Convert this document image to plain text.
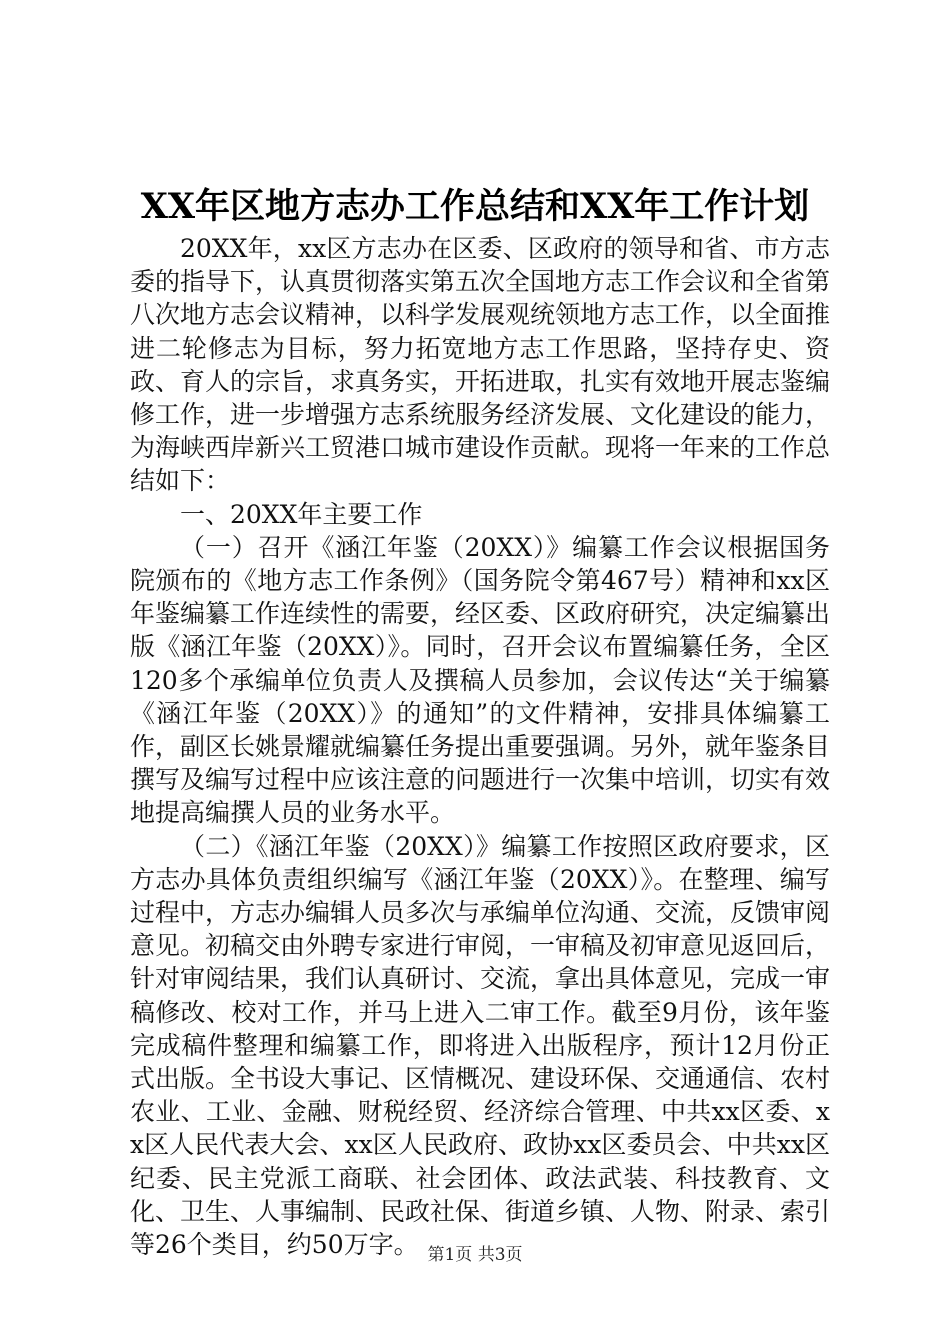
XX年区地方志办工作总结和XX年工作计划

20XX年，xx区方志办在区委、区政府的领导和省、市方志委的指导下，认真贯彻落实第五次全国地方志工作会议和全省第八次地方志会议精神，以科学发展观统领地方志工作，以全面推进二轮修志为目标，努力拓宽地方志工作思路，坚持存史、资政、育人的宗旨，求真务实，开拓进取，扎实有效地开展志鉴编修工作，进一步增强方志系统服务经济发展、文化建设的能力，为海峡西岸新兴工贸港口城市建设作贡献。现将一年来的工作总结如下：

一、20XX年主要工作

（一）召开《涵江年鉴（20XX）》编纂工作会议根据国务院颁布的《地方志工作条例》（国务院令第467号）精神和xx区年鉴编纂工作连续性的需要，经区委、区政府研究，决定编纂出版《涵江年鉴（20XX）》。同时，召开会议布置编纂任务，全区120多个承编单位负责人及撰稿人员参加，会议传达“关于编纂《涵江年鉴（20XX）》的通知”的文件精神，安排具体编纂工作，副区长姚景耀就编纂任务提出重要强调。另外，就年鉴条目撰写及编写过程中应该注意的问题进行一次集中培训，切实有效地提高编撰人员的业务水平。

（二）《涵江年鉴（20XX）》编纂工作按照区政府要求，区方志办具体负责组织编写《涵江年鉴（20XX）》。在整理、编写过程中，方志办编辑人员多次与承编单位沟通、交流，反馈审阅意见。初稿交由外聘专家进行审阅，一审稿及初审意见返回后，针对审阅结果，我们认真研讨、交流，拿出具体意见，完成一审稿修改、校对工作，并马上进入二审工作。截至9月份，该年鉴完成稿件整理和编纂工作，即将进入出版程序，预计12月份正式出版。全书设大事记、区情概况、建设环保、交通通信、农村农业、工业、金融、财税经贸、经济综合管理、中共xx区委、xx区人民代表大会、xx区人民政府、政协xx区委员会、中共xx区纪委、民主党派工商联、社会团体、政法武装、科技教育、文化、卫生、人事编制、民政社保、街道乡镇、人物、附录、索引等26个类目，约50万字。 第1页 共3页
